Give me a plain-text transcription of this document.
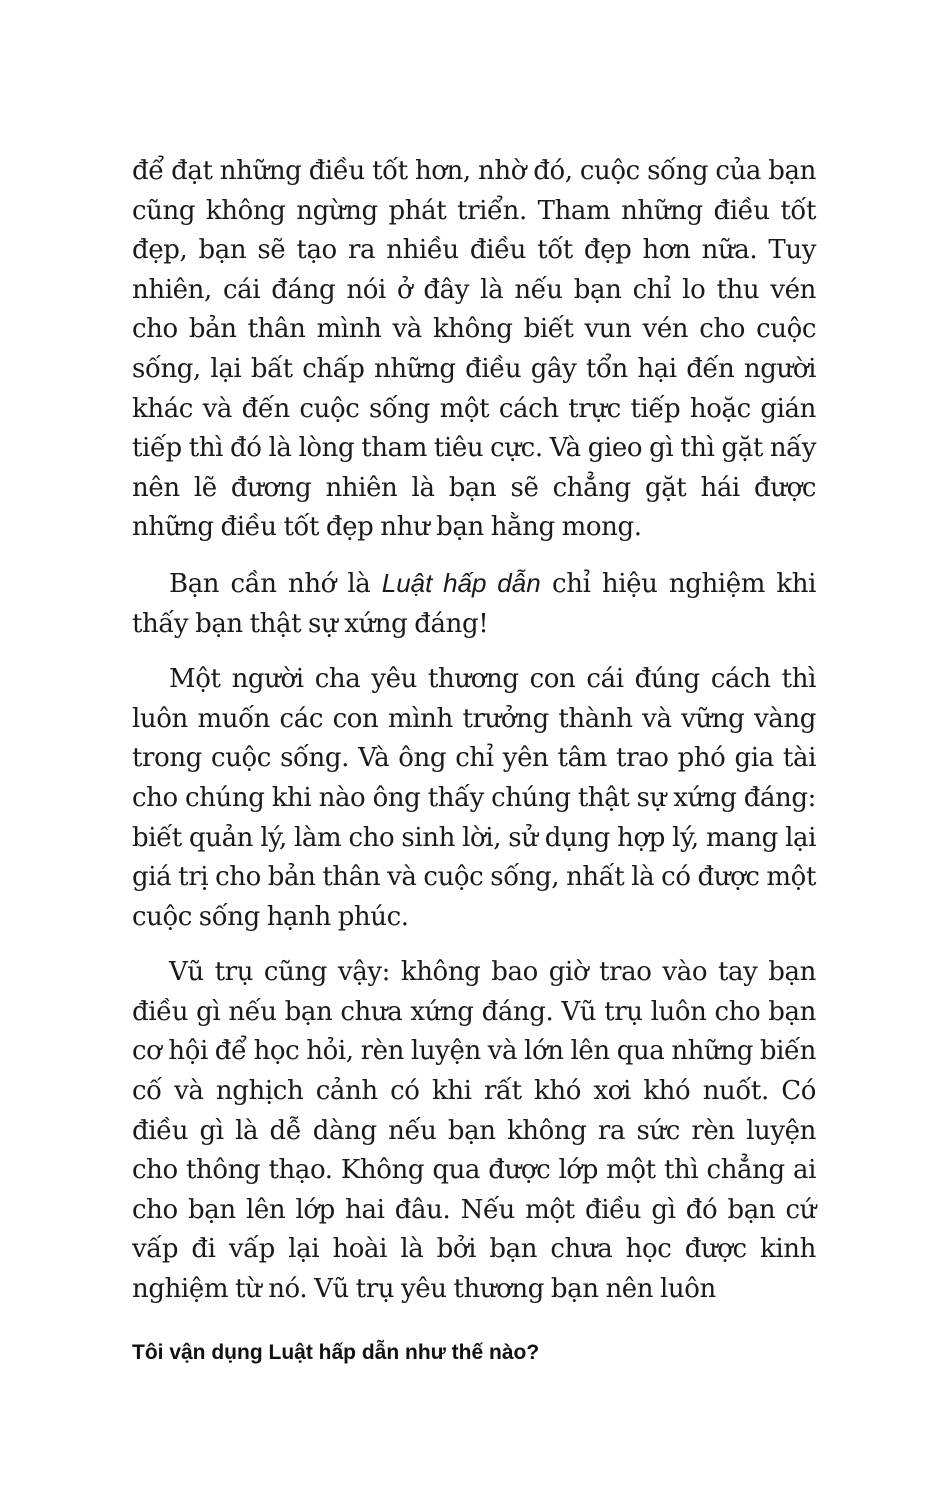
để đạt những điều tốt hơn, nhờ đó, cuộc sống của bạn cũng không ngừng phát triển. Tham những điều tốt đẹp, bạn sẽ tạo ra nhiều điều tốt đẹp hơn nữa. Tuy nhiên, cái đáng nói ở đây là nếu bạn chỉ lo thu vén cho bản thân mình và không biết vun vén cho cuộc sống, lại bất chấp những điều gây tổn hại đến người khác và đến cuộc sống một cách trực tiếp hoặc gián tiếp thì đó là lòng tham tiêu cực. Và gieo gì thì gặt nấy nên lẽ đương nhiên là bạn sẽ chẳng gặt hái được những điều tốt đẹp như bạn hằng mong.

Bạn cần nhớ là Luật hấp dẫn chỉ hiệu nghiệm khi thấy bạn thật sự xứng đáng!

Một người cha yêu thương con cái đúng cách thì luôn muốn các con mình trưởng thành và vững vàng trong cuộc sống. Và ông chỉ yên tâm trao phó gia tài cho chúng khi nào ông thấy chúng thật sự xứng đáng: biết quản lý, làm cho sinh lời, sử dụng hợp lý, mang lại giá trị cho bản thân và cuộc sống, nhất là có được một cuộc sống hạnh phúc.

Vũ trụ cũng vậy: không bao giờ trao vào tay bạn điều gì nếu bạn chưa xứng đáng. Vũ trụ luôn cho bạn cơ hội để học hỏi, rèn luyện và lớn lên qua những biến cố và nghịch cảnh có khi rất khó xơi khó nuốt. Có điều gì là dễ dàng nếu bạn không ra sức rèn luyện cho thông thạo. Không qua được lớp một thì chẳng ai cho bạn lên lớp hai đâu. Nếu một điều gì đó bạn cứ vấp đi vấp lại hoài là bởi bạn chưa học được kinh nghiệm từ nó. Vũ trụ yêu thương bạn nên luôn

Tôi vận dụng Luật hấp dẫn như thế nào?
